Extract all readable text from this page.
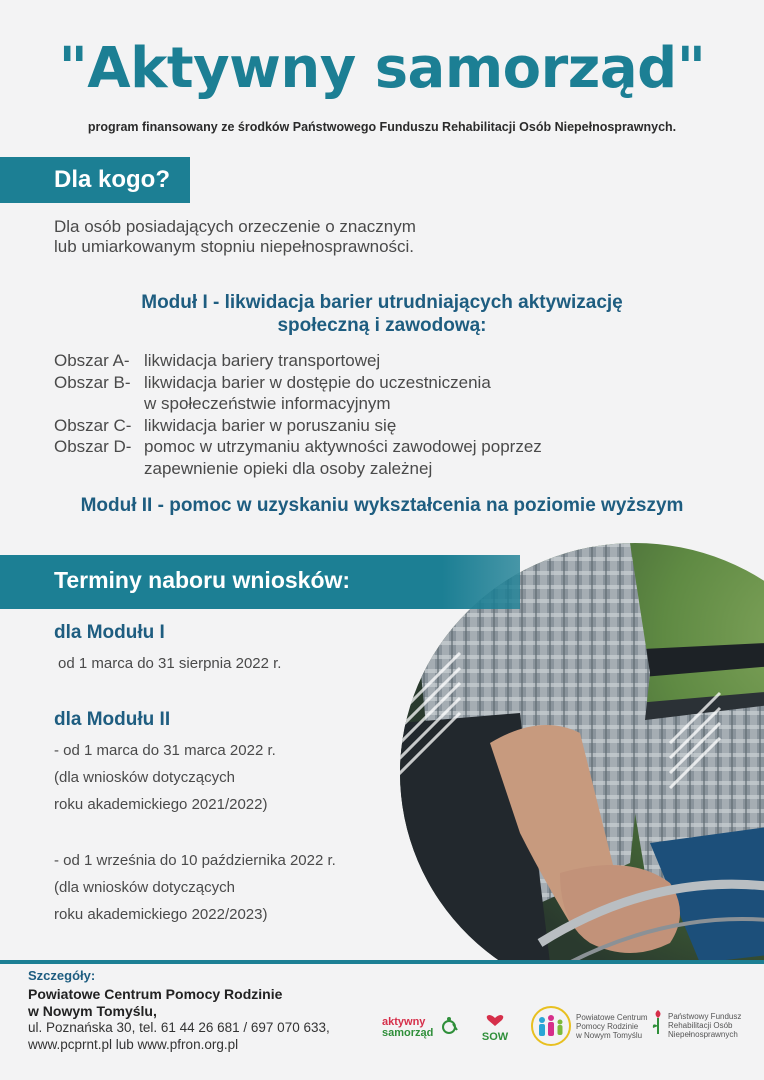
"Aktywny samorząd"
program finansowany ze środków Państwowego Funduszu Rehabilitacji Osób Niepełnosprawnych.
Dla kogo?
Dla osób posiadających orzeczenie o znacznym
lub umiarkowanym stopniu niepełnosprawności.
Moduł I - likwidacja barier utrudniających aktywizację
społeczną i zawodową:
Obszar A- likwidacja bariery transportowej
Obszar B- likwidacja barier w dostępie do uczestniczenia
w społeczeństwie informacyjnym
Obszar C- likwidacja barier w poruszaniu się
Obszar D- pomoc w utrzymaniu aktywności zawodowej poprzez
zapewnienie opieki dla osoby zależnej
Moduł II - pomoc w uzyskaniu wykształcenia na poziomie wyższym
Terminy naboru wniosków:
dla Modułu I
od 1 marca do 31 sierpnia 2022 r.
dla Modułu II
- od 1 marca do 31 marca 2022 r.
(dla wniosków dotyczących
roku akademickiego 2021/2022)
- od 1 września do 10 października 2022 r.
(dla wniosków dotyczących
roku akademickiego 2022/2023)
Szczegóły:
Powiatowe Centrum Pomocy Rodzinie
w Nowym Tomyślu,
ul. Poznańska 30, tel. 61 44 26 681 / 697 070 633,
www.pcprnt.pl lub www.pfron.org.pl
aktywny
samorząd	SOW
Powiatowe Centrum
Pomocy Rodzinie
w Nowym Tomyślu
Państwowy Fundusz
Rehabilitacji Osób
Niepełnosprawnych
